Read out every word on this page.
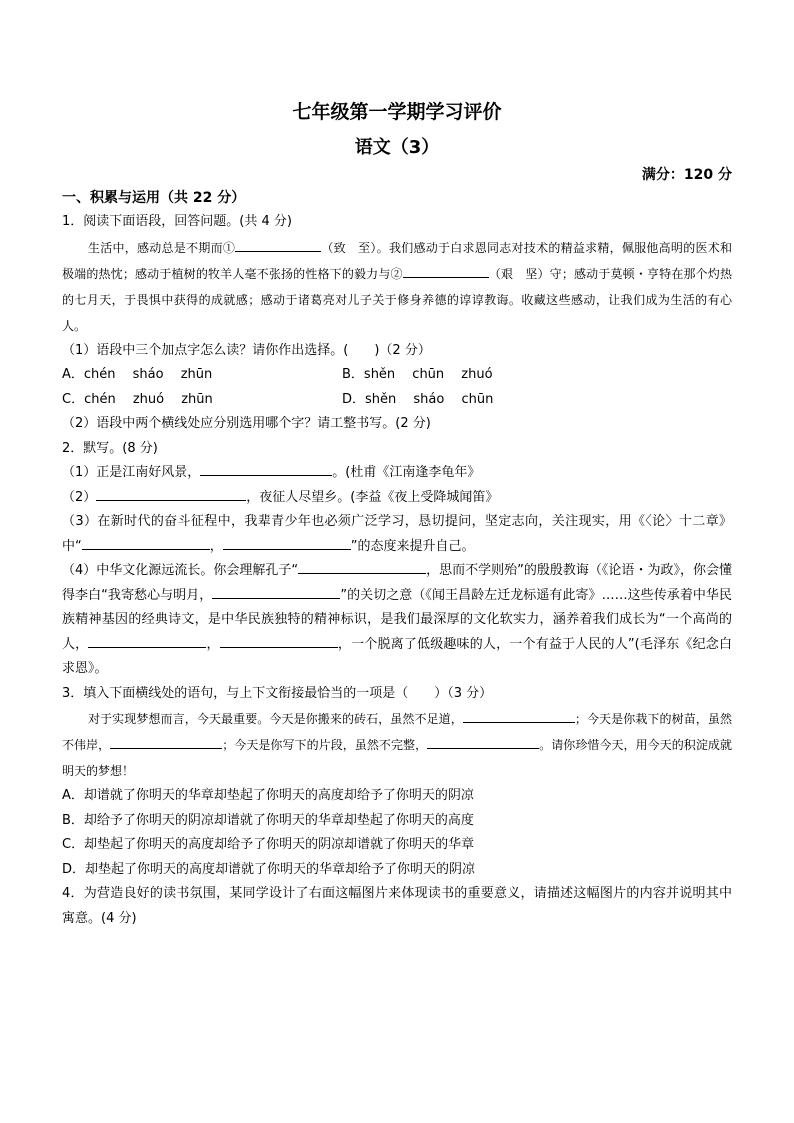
七年级第一学期学习评价

语文（3）

满分：120 分

一、积累与运用（共 22 分）

1．阅读下面语段，回答问题。(共 4 分)

生活中，感动总是不期而①	（致　至）。我们感动于白求恩同志对技术的精益求精，佩服他高明的医术和极端的热忱；感动于植树的牧羊人毫不张扬的性格下的毅力与②	（艰　坚）守；感动于莫顿・亨特在那个灼热的七月天，于畏惧中获得的成就感；感动于诸葛亮对儿子关于修身养德的谆谆教诲。收藏这些感动，让我们成为生活的有心人。

（1）语段中三个加点字怎么读？请你作出选择。(　　)（2 分）

A．chén　 sháo　 zhūn	B．shěn　 chūn　 zhuó
C．chén　 zhuó　 zhūn	D．shěn　 sháo　 chūn

（2）语段中两个横线处应分别选用哪个字？请工整书写。(2 分)

2．默写。(8 分)

（1）正是江南好风景，	。(杜甫《江南逢李龟年》

（2）	，夜征人尽望乡。(李益《夜上受降城闻笛》

（3）在新时代的奋斗征程中，我辈青少年也必须广泛学习，恳切提问，坚定志向，关注现实，用《〈论〉十二章》中“	，	”的态度来提升自己。

（4）中华文化源远流长。你会理解孔子“	，思而不学则殆”的殷殷教诲（《论语・为政》，你会懂得李白“我寄愁心与明月，	”的关切之意（《闻王昌龄左迁龙标遥有此寄》……这些传承着中华民族精神基因的经典诗文，是中华民族独特的精神标识，是我们最深厚的文化软实力，涵养着我们成长为“一个高尚的人，	，	，一个脱离了低级趣味的人，一个有益于人民的人”(毛泽东《纪念白求恩》。

3．填入下面横线处的语句，与上下文衔接最恰当的一项是（　　）（3 分）

对于实现梦想而言，今天最重要。今天是你搬来的砖石，虽然不足道，	；今天是你栽下的树苗，虽然不伟岸，	；今天是你写下的片段，虽然不完整，	。请你珍惜今天，用今天的积淀成就明天的梦想！

A．却谱就了你明天的华章却垫起了你明天的高度却给予了你明天的阴凉

B．却给予了你明天的阴凉却谱就了你明天的华章却垫起了你明天的高度

C．却垫起了你明天的高度却给予了你明天的阴凉却谱就了你明天的华章

D．却垫起了你明天的高度却谱就了你明天的华章却给予了你明天的阴凉

4．为营造良好的读书氛围，某同学设计了右面这幅图片来体现读书的重要意义，请描述这幅图片的内容并说明其中寓意。(4 分)
